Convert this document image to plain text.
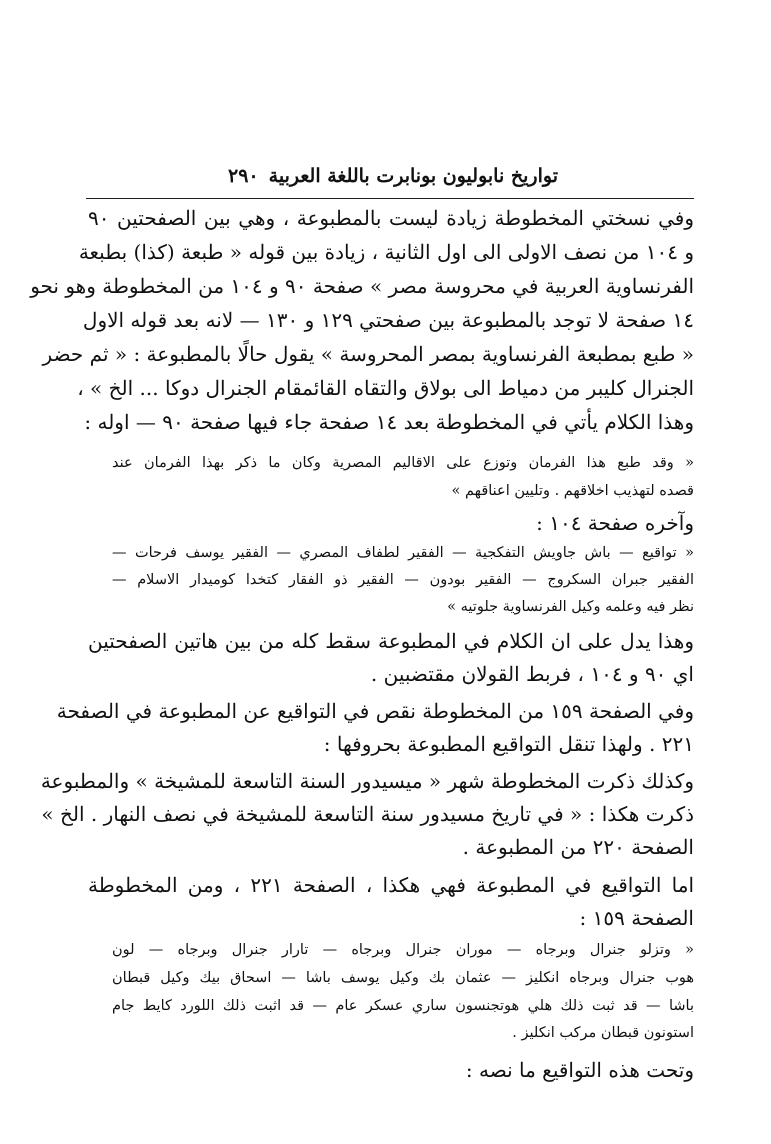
تواريخ نابوليون بونابرت باللغة العربية
٢٩٠
وفي نسختي المخطوطة زيادة ليست بالمطبوعة ، وهي بين الصفحتين ٩٠
و ١٠٤ من نصف الاولى الى اول الثانية ، زيادة بين قوله « طبعة (كذا) بطبعة
الفرنساوية العربية في محروسة مصر » صفحة ٩٠ و ١٠٤ من المخطوطة وهو نحو
١٤ صفحة لا توجد بالمطبوعة بين صفحتي ١٢٩ و ١٣٠ — لانه بعد قوله الاول
« طبع بمطبعة الفرنساوية بمصر المحروسة » يقول حالًا بالمطبوعة : « ثم حضر
الجنرال كليبر من دمياط الى بولاق والتقاه القائمقام الجنرال دوكا ... الخ » ،
وهذا الكلام يأتي في المخطوطة بعد ١٤ صفحة جاء فيها صفحة ٩٠ — اوله :
« وقد طبع هذا الفرمان وتوزع على الاقاليم المصرية وكان ما ذكر بهذا الفرمان عند
قصده لتهذيب اخلاقهم . وتليين اعناقهم »
وآخره صفحة ١٠٤ :
« تواقيع — باش جاويش التفكجية — الفقير لطفاف المصري — الفقير يوسف فرحات —
الفقير جبران السكروج — الفقير بودون — الفقير ذو الفقار كتخدا كوميدار الاسلام —
نظر فيه وعلمه وكيل الفرنساوية جلوتيه »
وهذا يدل على ان الكلام في المطبوعة سقط كله من بين هاتين الصفحتين
اي ٩٠ و ١٠٤ ، فربط القولان مقتضبين .
وفي الصفحة ١٥٩ من المخطوطة نقص في التواقيع عن المطبوعة في الصفحة
٢٢١ . ولهذا تنقل التواقيع المطبوعة بحروفها :
وكذلك ذكرت المخطوطة شهر « ميسيدور السنة التاسعة للمشيخة » والمطبوعة
ذكرت هكذا : « في تاريخ مسيدور سنة التاسعة للمشيخة في نصف النهار . الخ »
الصفحة ٢٢٠ من المطبوعة .
اما التواقيع في المطبوعة فهي هكذا ، الصفحة ٢٢١ ، ومن المخطوطة
الصفحة ١٥٩ :
« وتزلو جنرال وبرجاه — موران جنرال وبرجاه — تارار جنرال وبرجاه — لون
هوب جنرال وبرجاه انكليز — عثمان بك وكيل يوسف باشا — اسحاق بيك وكيل قبطان
باشا — قد ثبت ذلك هلي هوتجنسون ساري عسكر عام — قد اثبت ذلك اللورد كايط جام
استونون قبطان مركب انكليز .
وتحت هذه التواقيع ما نصه :
